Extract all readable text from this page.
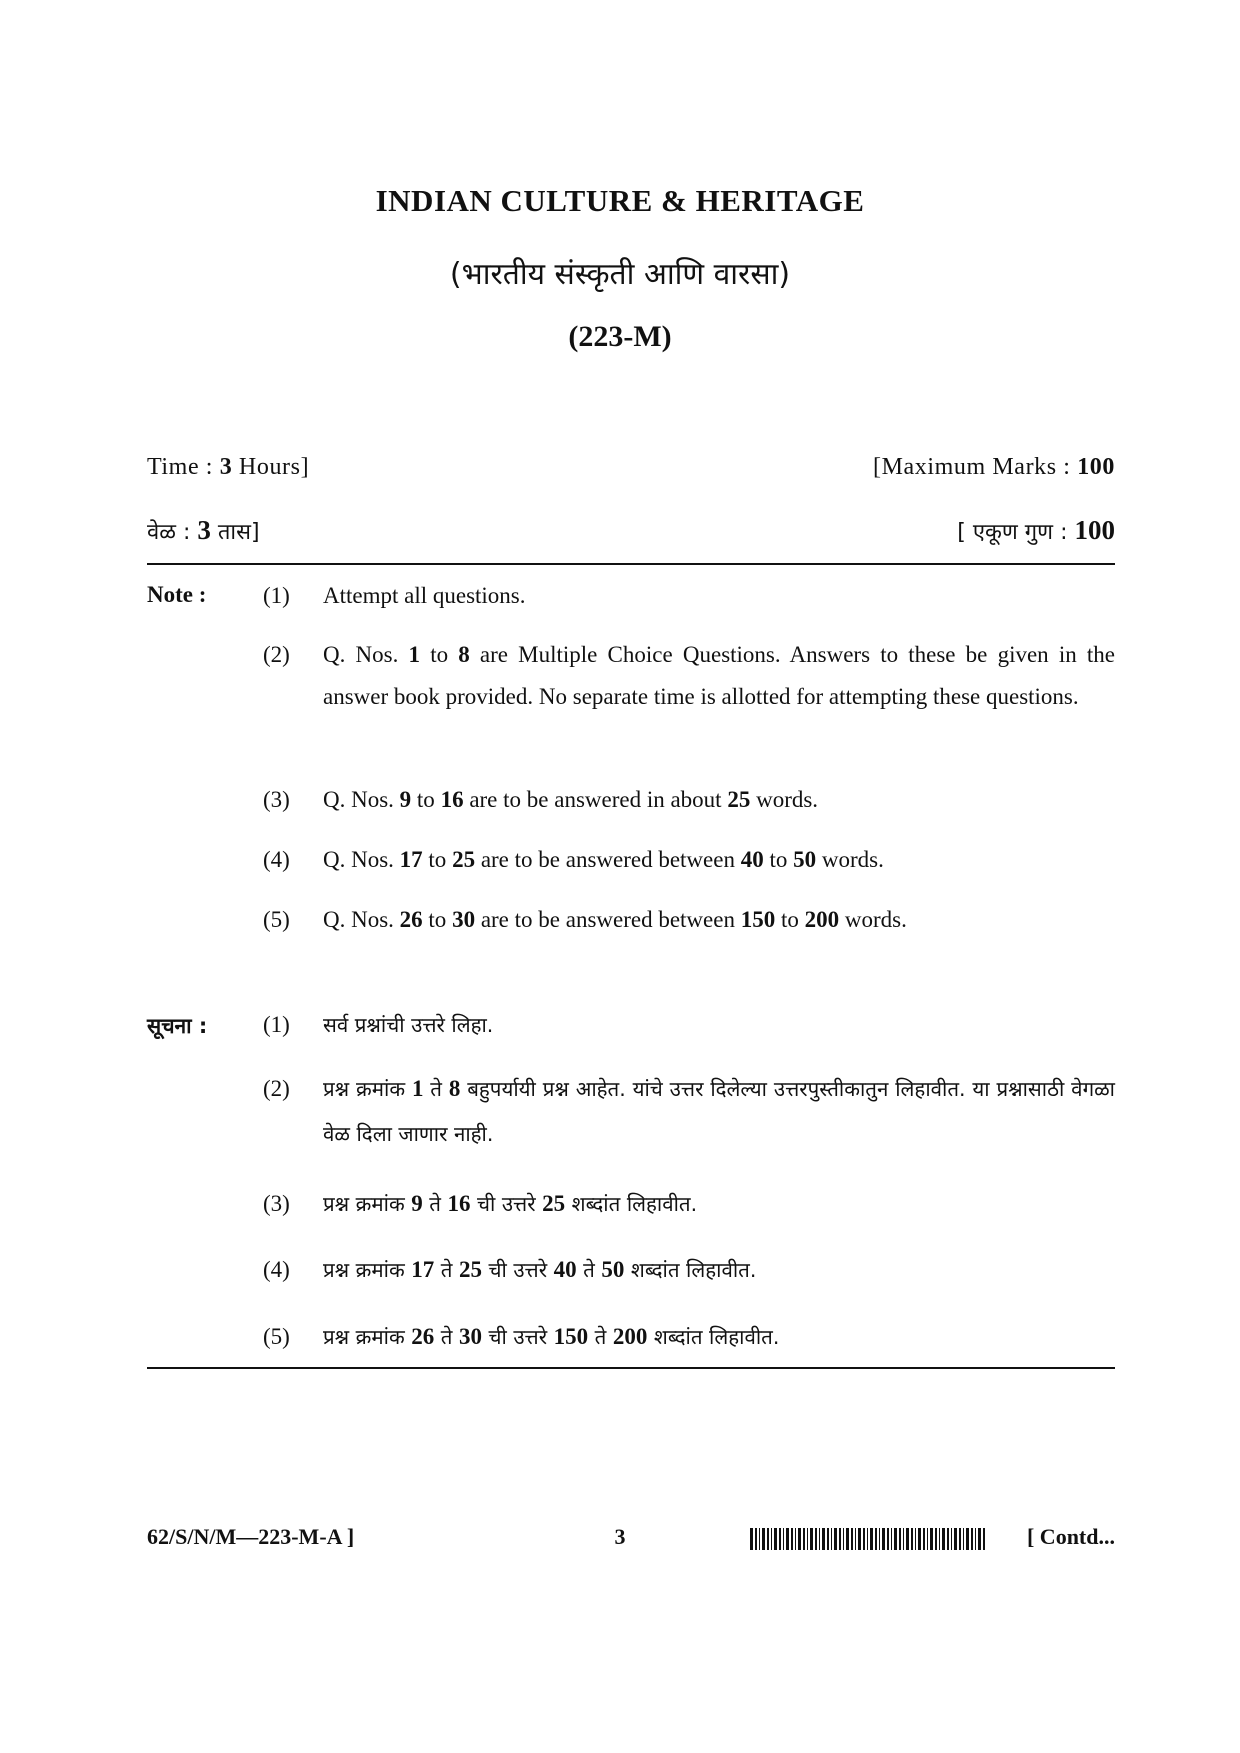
INDIAN CULTURE & HERITAGE
(भारतीय संस्कृती आणि वारसा)
(223-M)
Time : 3 Hours]	[Maximum Marks : 100
वेळ : 3 तास]	[ एकूण गुण : 100
Note : (1) Attempt all questions.
(2) Q. Nos. 1 to 8 are Multiple Choice Questions. Answers to these be given in the answer book provided. No separate time is allotted for attempting these questions.
(3) Q. Nos. 9 to 16 are to be answered in about 25 words.
(4) Q. Nos. 17 to 25 are to be answered between 40 to 50 words.
(5) Q. Nos. 26 to 30 are to be answered between 150 to 200 words.
सूचना : (1) सर्व प्रश्नांची उत्तरे लिहा.
(2) प्रश्न क्रमांक 1 ते 8 बहुपर्यायी प्रश्न आहेत. यांचे उत्तर दिलेल्या उत्तरपुस्तीकातुन लिहावीत. या प्रश्नासाठी वेगळा वेळ दिला जाणार नाही.
(3) प्रश्न क्रमांक 9 ते 16 ची उत्तरे 25 शब्दांत लिहावीत.
(4) प्रश्न क्रमांक 17 ते 25 ची उत्तरे 40 ते 50 शब्दांत लिहावीत.
(5) प्रश्न क्रमांक 26 ते 30 ची उत्तरे 150 ते 200 शब्दांत लिहावीत.
62/S/N/M—223-M-A ]	3	[ Contd...
